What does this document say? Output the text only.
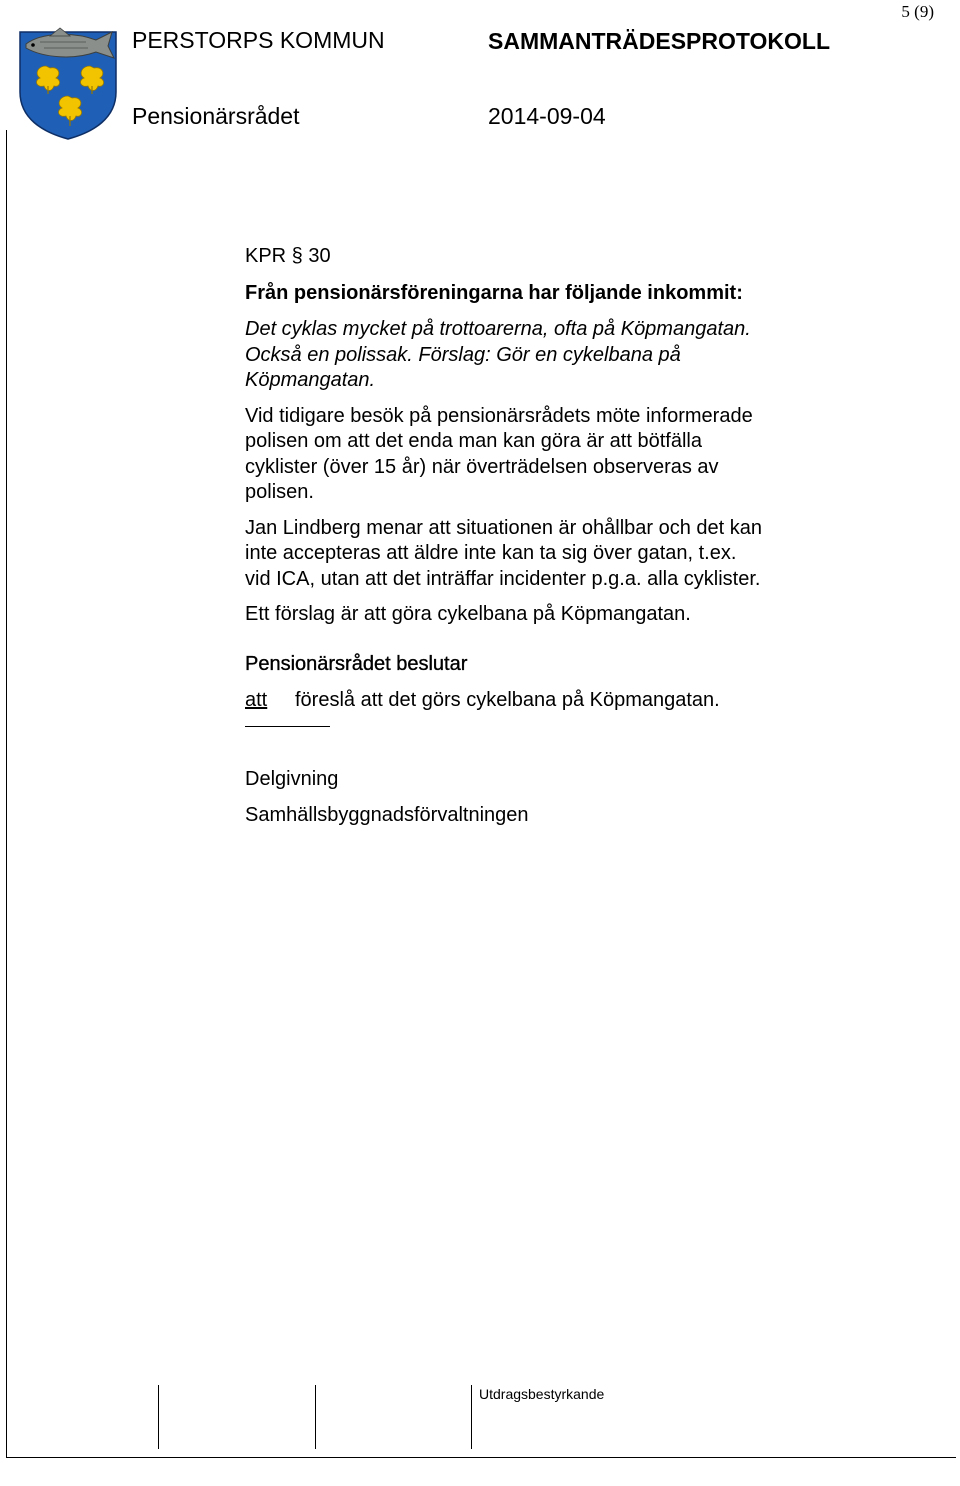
5 (9)
PERSTORPS KOMMUN	SAMMANTRÄDESPROTOKOLL
Pensionärsrådet	2014-09-04

KPR § 30

Från pensionärsföreningarna har följande inkommit:

Det cyklas mycket på trottoarerna, ofta på Köpmangatan.

Också en polissak. Förslag: Gör en cykelbana på

Köpmangatan.

Vid tidigare besök på pensionärsrådets möte informerade

polisen om att det enda man kan göra är att bötfälla

cyklister (över 15 år) när överträdelsen observeras av

polisen.

Jan Lindberg menar att situationen är ohållbar och det kan

inte accepteras att äldre inte kan ta sig över gatan, t.ex.

vid ICA, utan att det inträffar incidenter p.g.a. alla cyklister.

Ett förslag är att göra cykelbana på Köpmangatan.

Pensionärsrådet beslutar

att	föreslå att det görs cykelbana på Köpmangatan.

Delgivning

Samhällsbyggnadsförvaltningen

Utdragsbestyrkande
